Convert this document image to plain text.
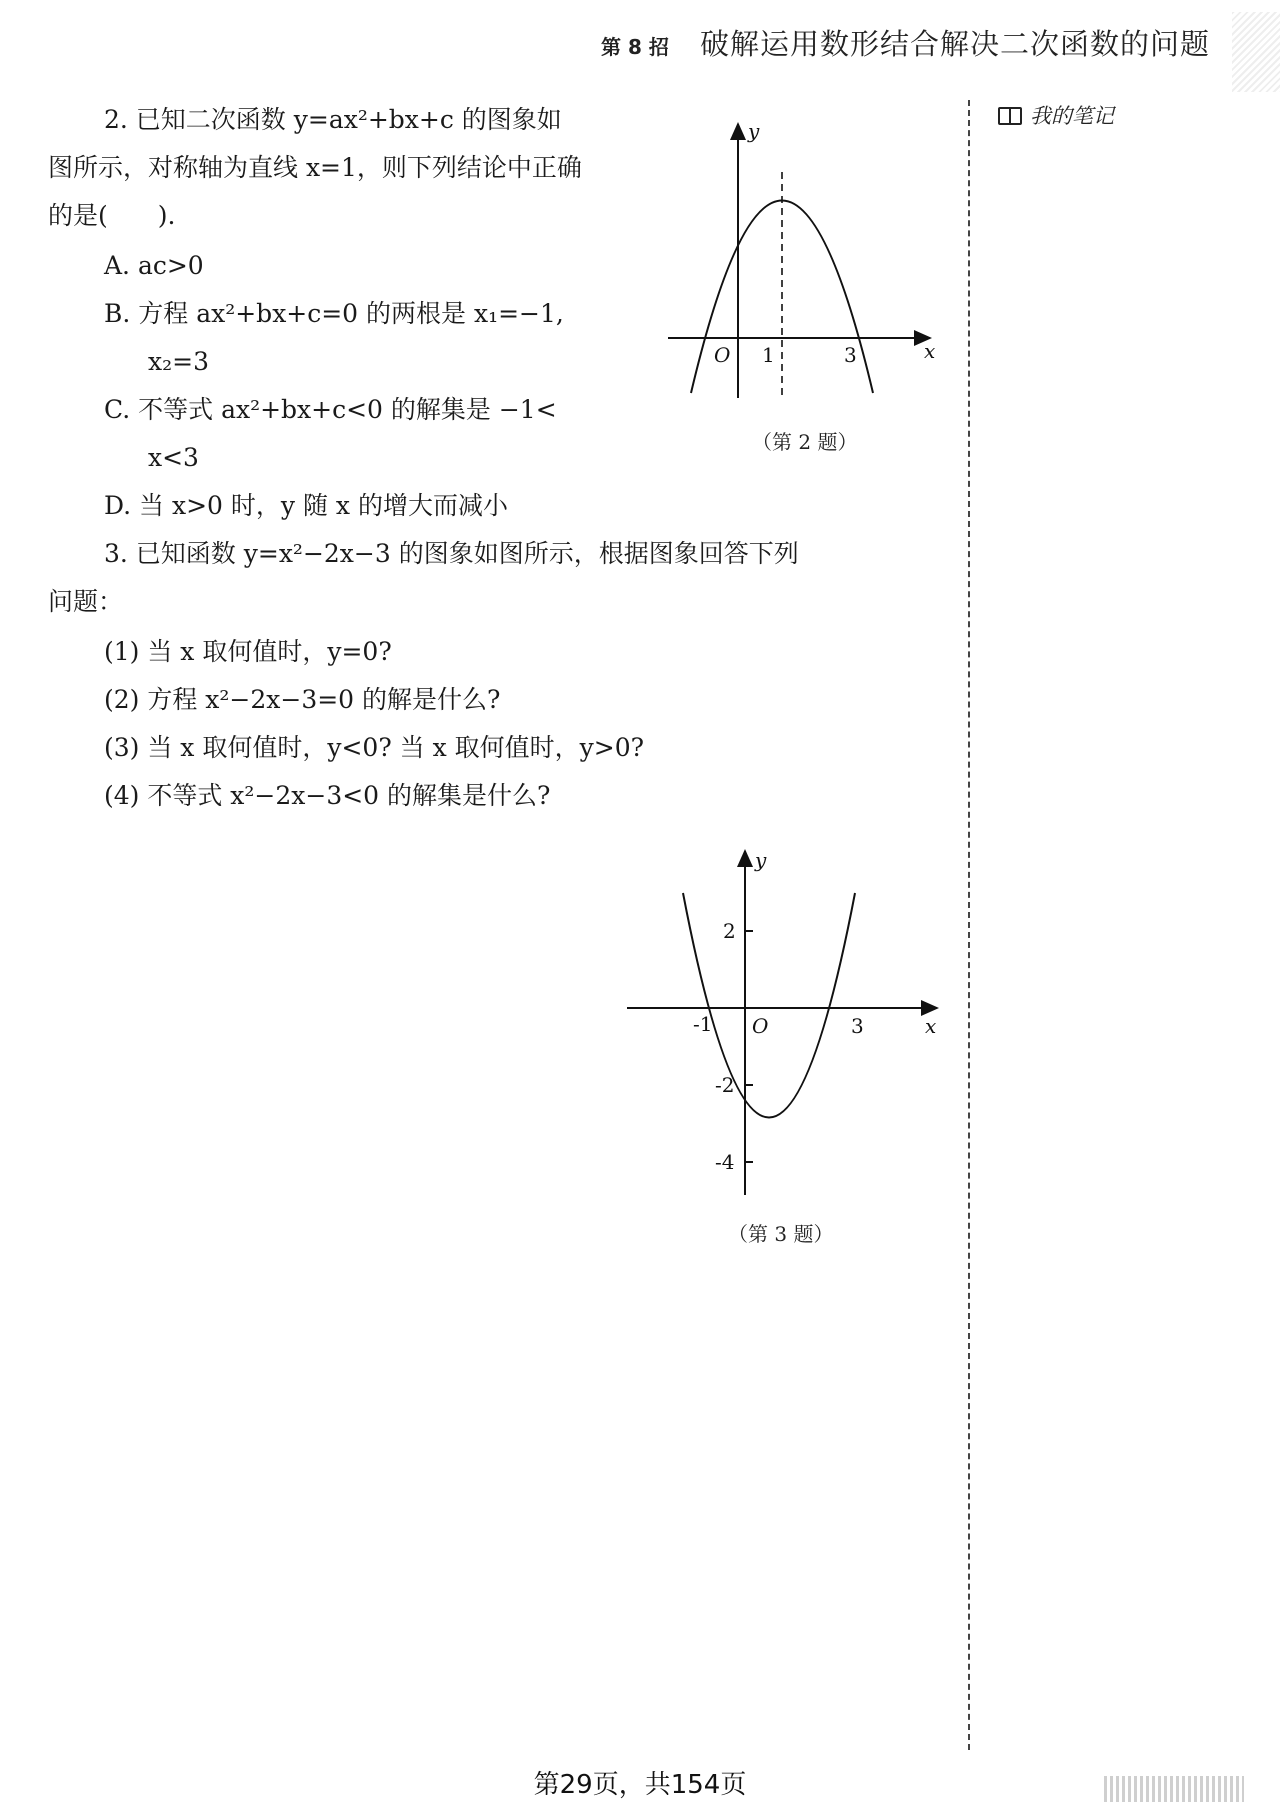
第 8 招 破解运用数形结合解决二次函数的问题
我的笔记
2. 已知二次函数 y=ax²+bx+c 的图象如
图所示，对称轴为直线 x=1，则下列结论中正确
的是(　　).
A. ac>0
B. 方程 ax²+bx+c=0 的两根是 x₁=−1,
x₂=3
C. 不等式 ax²+bx+c<0 的解集是 −1<
x<3
D. 当 x>0 时，y 随 x 的增大而减小
y
x
O 1	3
（第 2 题）
3. 已知函数 y=x²−2x−3 的图象如图所示，根据图象回答下列
问题：
(1) 当 x 取何值时，y=0?
(2) 方程 x²−2x−3=0 的解是什么?
(3) 当 x 取何值时，y<0? 当 x 取何值时，y>0?
(4) 不等式 x²−2x−3<0 的解集是什么?
y
x
O
-1	3
2
-2
-4
（第 3 题）
第29页，共154页
